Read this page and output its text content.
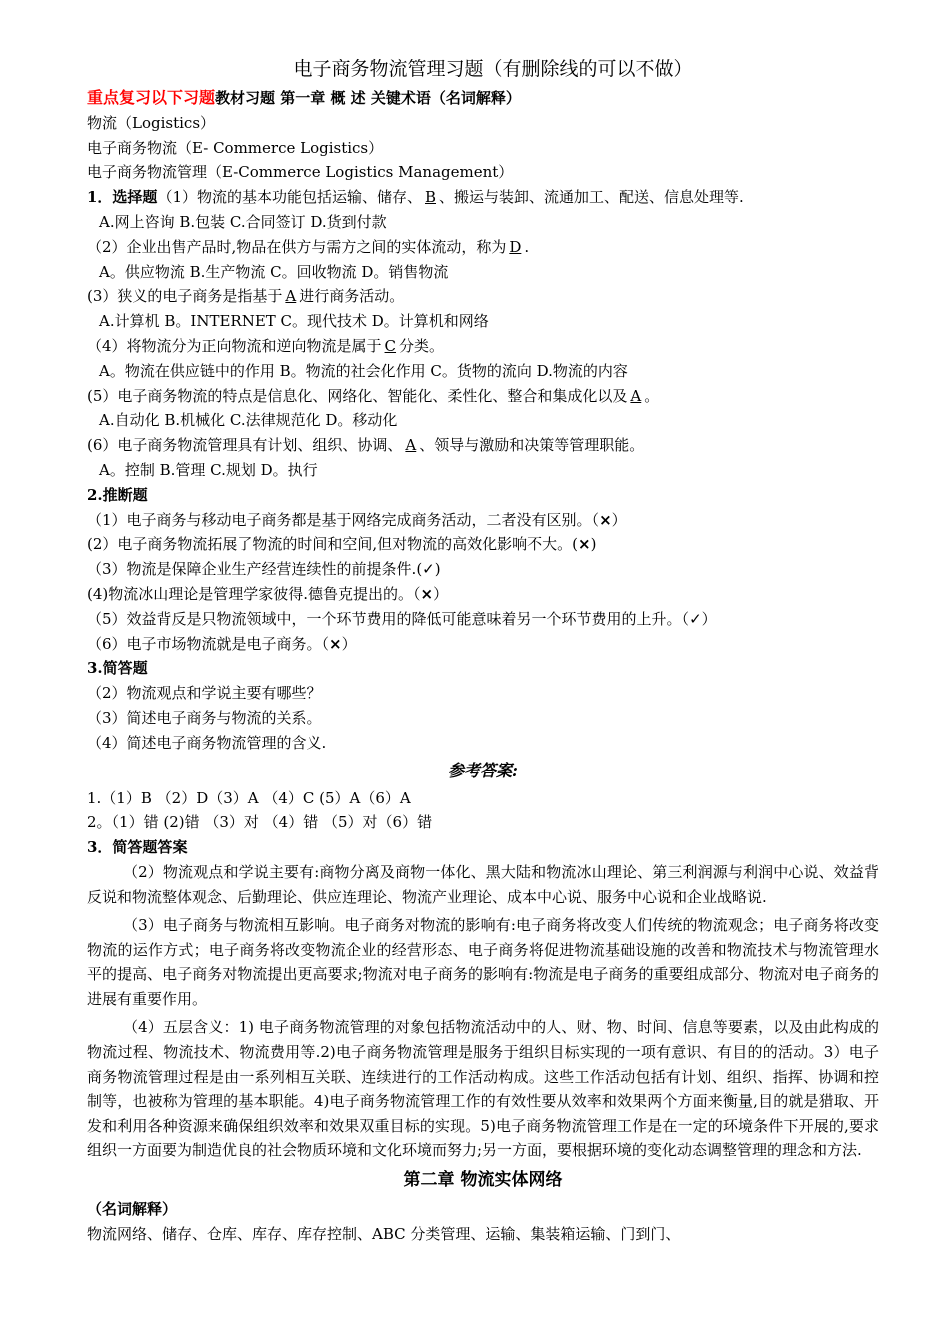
电子商务物流管理习题（有删除线的可以不做）
重点复习以下习题教材习题 第一章 概 述 关键术语（名词解释）
物流（Logistics）
电子商务物流（E- Commerce Logistics）
电子商务物流管理（E-Commerce Logistics Management）
1．选择题（1）物流的基本功能包括运输、储存、 B 、搬运与装卸、流通加工、配送、信息处理等.
A.网上咨询 B.包装 C.合同签订 D.货到付款
（2）企业出售产品时,物品在供方与需方之间的实体流动，称为 D .
A。供应物流 B.生产物流 C。回收物流 D。销售物流
(3）狭义的电子商务是指基于 A 进行商务活动。
A.计算机 B。INTERNET C。现代技术 D。计算机和网络
（4）将物流分为正向物流和逆向物流是属于 C 分类。
A。物流在供应链中的作用 B。物流的社会化作用 C。货物的流向 D.物流的内容
(5）电子商务物流的特点是信息化、网络化、智能化、柔性化、整合和集成化以及 A 。
A.自动化 B.机械化 C.法律规范化 D。移动化
(6）电子商务物流管理具有计划、组织、协调、 A 、领导与激励和决策等管理职能。
A。控制 B.管理 C.规划 D。执行
2.推断题
（1）电子商务与移动电子商务都是基于网络完成商务活动，二者没有区别。（×）
(2）电子商务物流拓展了物流的时间和空间,但对物流的高效化影响不大。(×)
（3）物流是保障企业生产经营连续性的前提条件.(✓)
(4)物流冰山理论是管理学家彼得.德鲁克提出的。（×）
（5）效益背反是只物流领域中，一个环节费用的降低可能意味着另一个环节费用的上升。（✓）
（6）电子市场物流就是电子商务。（×）
3.简答题
（2）物流观点和学说主要有哪些？
（3）简述电子商务与物流的关系。
（4）简述电子商务物流管理的含义.
参考答案:
1.（1）B （2）D（3）A （4）C (5）A（6）A
2。（1）错 (2)错 （3）对 （4）错 （5）对（6）错
3．简答题答案

（2）物流观点和学说主要有:商物分离及商物一体化、黑大陆和物流冰山理论、第三利润源与利润中心说、效益背反说和物流整体观念、后勤理论、供应连理论、物流产业理论、成本中心说、服务中心说和企业战略说.

（3）电子商务与物流相互影响。电子商务对物流的影响有:电子商务将改变人们传统的物流观念；电子商务将改变物流的运作方式；电子商务将改变物流企业的经营形态、电子商务将促进物流基础设施的改善和物流技术与物流管理水平的提高、电子商务对物流提出更高要求;物流对电子商务的影响有:物流是电子商务的重要组成部分、物流对电子商务的进展有重要作用。

（4）五层含义：1) 电子商务物流管理的对象包括物流活动中的人、财、物、时间、信息等要素，以及由此构成的物流过程、物流技术、物流费用等.2)电子商务物流管理是服务于组织目标实现的一项有意识、有目的的活动。3）电子商务物流管理过程是由一系列相互关联、连续进行的工作活动构成。这些工作活动包括有计划、组织、指挥、协调和控制等，也被称为管理的基本职能。4)电子商务物流管理工作的有效性要从效率和效果两个方面来衡量,目的就是猎取、开发和利用各种资源来确保组织效率和效果双重目标的实现。5)电子商务物流管理工作是在一定的环境条件下开展的,要求组织一方面要为制造优良的社会物质环境和文化环境而努力;另一方面，要根据环境的变化动态调整管理的理念和方法.

第二章 物流实体网络
（名词解释）
物流网络、储存、仓库、库存、库存控制、ABC 分类管理、运输、集装箱运输、门到门、
